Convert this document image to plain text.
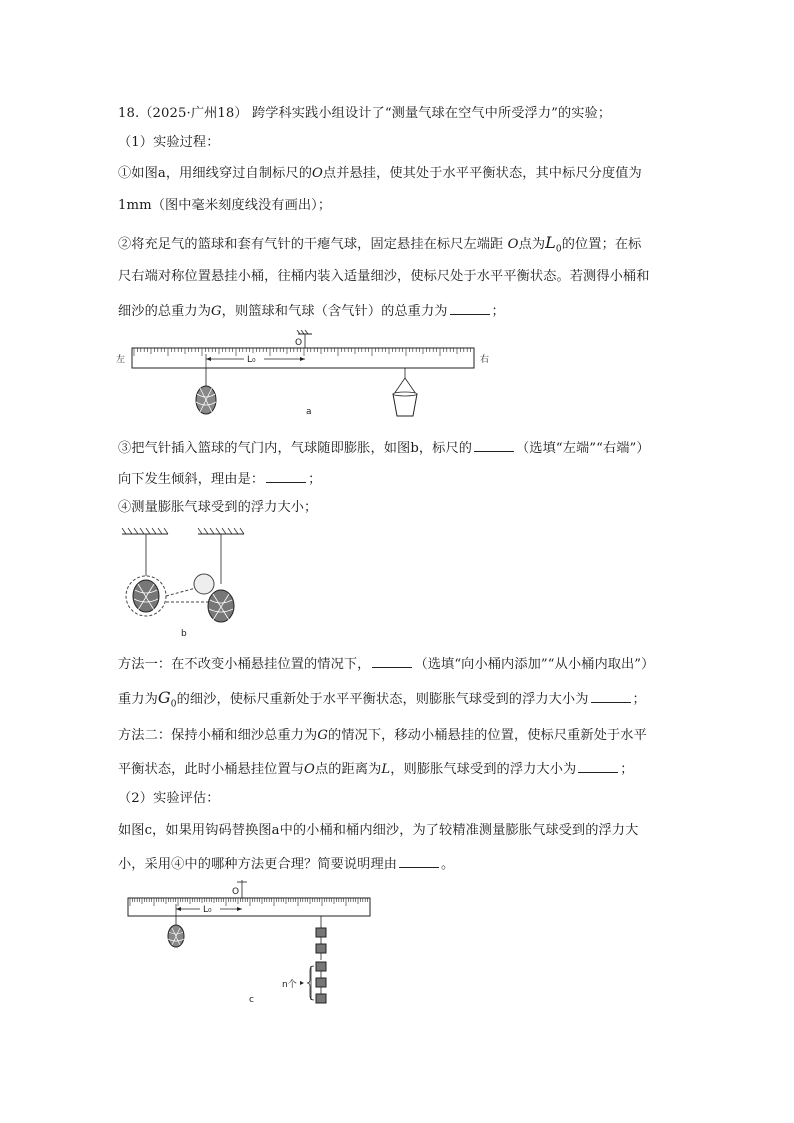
18.（2025·广州18） 跨学科实践小组设计了“测量气球在空气中所受浮力”的实验；
（1）实验过程：
①如图a，用细线穿过自制标尺的O点并悬挂，使其处于水平平衡状态，其中标尺分度值为
1mm（图中毫米刻度线没有画出）；
②将充足气的篮球和套有气针的干瘪气球，固定悬挂在标尺左端距 O点为$L_0$的位置；在标
尺右端对称位置悬挂小桶，往桶内装入适量细沙，使标尺处于水平平衡状态。若测得小桶和
细沙的总重力为G，则篮球和气球（含气针）的总重力为	；
O
左	右
L₀
a
③把气针插入篮球的气门内，气球随即膨胀，如图b，标尺的	（选填“左端”“右端”）
向下发生倾斜，理由是：	；
④测量膨胀气球受到的浮力大小；
b
方法一：在不改变小桶悬挂位置的情况下，	（选填“向小桶内添加”“从小桶内取出”）
重力为$G_0$的细沙，使标尺重新处于水平平衡状态，则膨胀气球受到的浮力大小为	；
方法二：保持小桶和细沙总重力为G的情况下，移动小桶悬挂的位置，使标尺重新处于水平
平衡状态，此时小桶悬挂位置与O点的距离为L，则膨胀气球受到的浮力大小为	；
（2）实验评估：
如图c，如果用钩码替换图a中的小桶和桶内细沙，为了较精准测量膨胀气球受到的浮力大
小，采用④中的哪种方法更合理？简要说明理由	。
O
L₀
n个
c
